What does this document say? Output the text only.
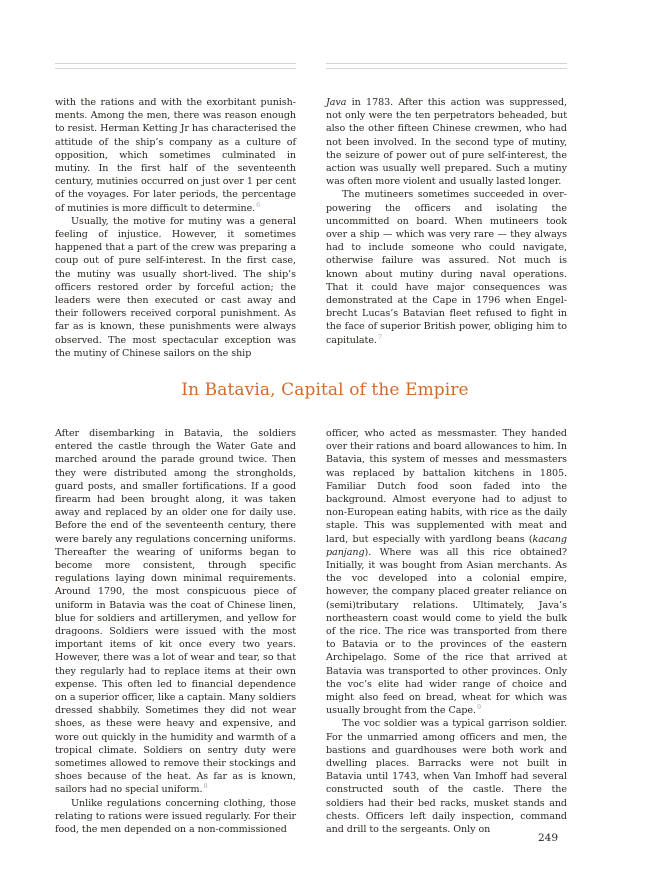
with the rations and with the exorbitant punishments. Among the men, there was reason enough to resist. Herman Ketting Jr has characterised the attitude of the ship’s company as a culture of opposition, which sometimes culminated in mutiny. In the first half of the seventeenth century, mutinies occurred on just over 1 per cent of the voyages. For later periods, the percentage of mutinies is more difficult to determine.$^6$

Usually, the motive for mutiny was a general feeling of injustice. However, it sometimes happened that a part of the crew was preparing a coup out of pure self-interest. In the first case, the mutiny was usually short-lived. The ship’s officers restored order by forceful action; the leaders were then executed or cast away and their followers received corporal punishment. As far as is known, these punishments were always observed. The most spectacular exception was the mutiny of Chinese sailors on the ship

Java in 1783. After this action was suppressed, not only were the ten perpetrators beheaded, but also the other fifteen Chinese crewmen, who had not been involved. In the second type of mutiny, the seizure of power out of pure self-interest, the action was usually well prepared. Such a mutiny was often more violent and usually lasted longer.

The mutineers sometimes succeeded in overpowering the officers and isolating the uncommitted on board. When mutineers took over a ship — which was very rare — they always had to include someone who could navigate, otherwise failure was assured. Not much is known about mutiny during naval operations. That it could have major consequences was demonstrated at the Cape in 1796 when Engelbrecht Lucas’s Batavian fleet refused to fight in the face of superior British power, obliging him to capitulate.$^7$

In Batavia, Capital of the Empire

After disembarking in Batavia, the soldiers entered the castle through the Water Gate and marched around the parade ground twice. Then they were distributed among the strongholds, guard posts, and smaller fortifications. If a good firearm had been brought along, it was taken away and replaced by an older one for daily use. Before the end of the seventeenth century, there were barely any regulations concerning uniforms. Thereafter the wearing of uniforms began to become more consistent, through specific regulations laying down minimal requirements. Around 1790, the most conspicuous piece of uniform in Batavia was the coat of Chinese linen, blue for soldiers and artillerymen, and yellow for dragoons. Soldiers were issued with the most important items of kit once every two years. However, there was a lot of wear and tear, so that they regularly had to replace items at their own expense. This often led to financial dependence on a superior officer, like a captain. Many soldiers dressed shabbily. Sometimes they did not wear shoes, as these were heavy and expensive, and wore out quickly in the humidity and warmth of a tropical climate. Soldiers on sentry duty were sometimes allowed to remove their stockings and shoes because of the heat. As far as is known, sailors had no special uniform.$^8$

Unlike regulations concerning clothing, those relating to rations were issued regularly. For their food, the men depended on a non-commissioned

officer, who acted as messmaster. They handed over their rations and board allowances to him. In Batavia, this system of messes and messmasters was replaced by battalion kitchens in 1805. Familiar Dutch food soon faded into the background. Almost everyone had to adjust to non-European eating habits, with rice as the daily staple. This was supplemented with meat and lard, but especially with yardlong beans (kacang panjang). Where was all this rice obtained? Initially, it was bought from Asian merchants. As the voc developed into a colonial empire, however, the company placed greater reliance on (semi)tributary relations. Ultimately, Java’s northeastern coast would come to yield the bulk of the rice. The rice was transported from there to Batavia or to the provinces of the eastern Archipelago. Some of the rice that arrived at Batavia was transported to other provinces. Only the voc’s elite had wider range of choice and might also feed on bread, wheat for which was usually brought from the Cape.$^9$

The voc soldier was a typical garrison soldier. For the unmarried among officers and men, the bastions and guardhouses were both work and dwelling places. Barracks were not built in Batavia until 1743, when Van Imhoff had several constructed south of the castle. There the soldiers had their bed racks, musket stands and chests. Officers left daily inspection, command and drill to the sergeants. Only on

249
